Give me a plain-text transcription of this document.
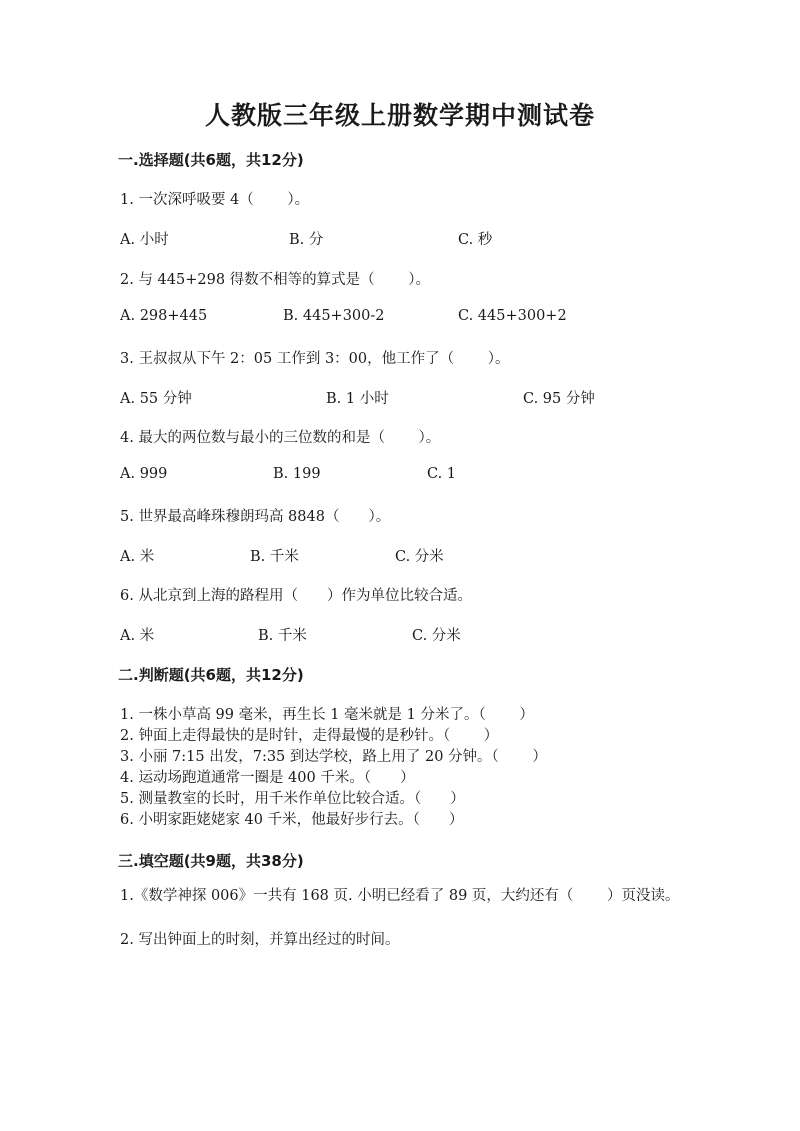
人教版三年级上册数学期中测试卷
一.选择题(共6题，共12分)
1. 一次深呼吸要 4（　　 ）。
A. 小时	B. 分	C. 秒
2. 与 445+298 得数不相等的算式是（　　 ）。
A. 298+445	B. 445+300-2	C. 445+300+2
3. 王叔叔从下午 2：05 工作到 3：00，他工作了（　　 ）。
A. 55 分钟	B. 1 小时	C. 95 分钟
4. 最大的两位数与最小的三位数的和是（　　 ）。
A. 999	B. 199	C. 1
5. 世界最高峰珠穆朗玛高 8848（　　）。
A. 米	B. 千米	C. 分米
6. 从北京到上海的路程用（　　）作为单位比较合适。
A. 米	B. 千米	C. 分米
二.判断题(共6题，共12分)
1. 一株小草高 99 毫米，再生长 1 毫米就是 1 分米了。（　　 ）
2. 钟面上走得最快的是时针，走得最慢的是秒针。（　　 ）
3. 小丽 7:15 出发，7:35 到达学校，路上用了 20 分钟。（　　 ）
4. 运动场跑道通常一圈是 400 千米。（　　）
5. 测量教室的长时，用千米作单位比较合适。（　　）
6. 小明家距姥姥家 40 千米，他最好步行去。（　　）
三.填空题(共9题，共38分)
1.《数学神探 006》一共有 168 页. 小明已经看了 89 页，大约还有（　　 ）页没读。
2. 写出钟面上的时刻，并算出经过的时间。
